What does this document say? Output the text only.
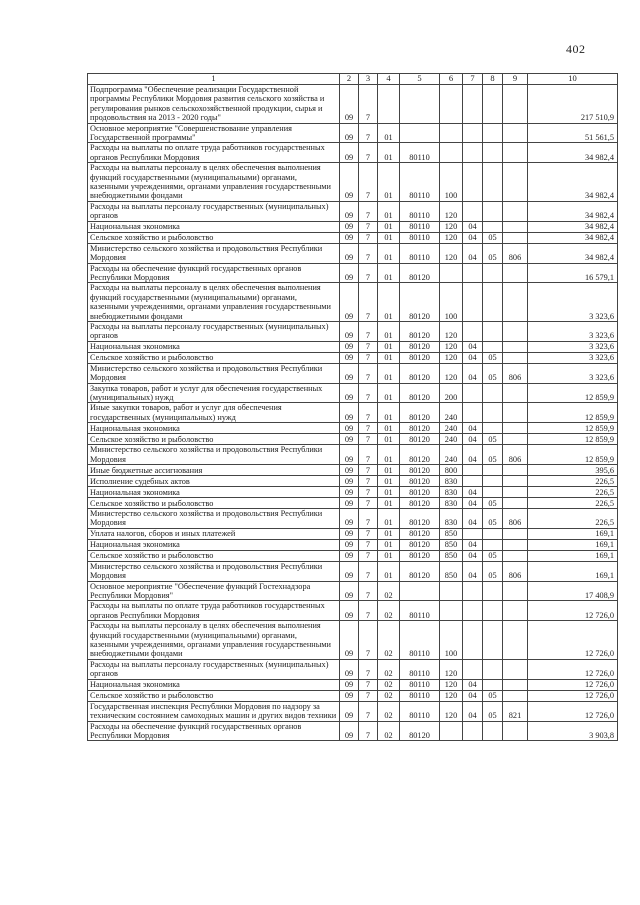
402
1	2	3	4	5	6	7	8	9	10
Подпрограмма "Обеспечение реализации Государственной программы Республики Мордовия развития сельского хозяйства и регулирования рынков сельскохозяйственной продукции, сырья и продовольствия на 2013 - 2020 годы"	09	7							217 510,9
Основное мероприятие "Совершенствование управления Государственной программы"	09	7	01						51 561,5
Расходы на выплаты по оплате труда работников государственных органов Республики Мордовия	09	7	01	80110					34 982,4
Расходы на выплаты персоналу в целях обеспечения выполнения функций государственными (муниципальными) органами, казенными учреждениями, органами управления государственными внебюджетными фондами	09	7	01	80110	100				34 982,4
Расходы на выплаты персоналу государственных (муниципальных) органов	09	7	01	80110	120				34 982,4
Национальная экономика	09	7	01	80110	120	04			34 982,4
Сельское хозяйство и рыболовство	09	7	01	80110	120	04	05		34 982,4
Министерство сельского хозяйства и продовольствия Республики Мордовия	09	7	01	80110	120	04	05	806	34 982,4
Расходы на обеспечение функций государственных органов Республики Мордовия	09	7	01	80120					16 579,1
Расходы на выплаты персоналу в целях обеспечения выполнения функций государственными (муниципальными) органами, казенными учреждениями, органами управления государственными внебюджетными фондами	09	7	01	80120	100				3 323,6
Расходы на выплаты персоналу государственных (муниципальных) органов	09	7	01	80120	120				3 323,6
Национальная экономика	09	7	01	80120	120	04			3 323,6
Сельское хозяйство и рыболовство	09	7	01	80120	120	04	05		3 323,6
Министерство сельского хозяйства и продовольствия Республики Мордовия	09	7	01	80120	120	04	05	806	3 323,6
Закупка товаров, работ и услуг для обеспечения государственных (муниципальных) нужд	09	7	01	80120	200				12 859,9
Иные закупки товаров, работ и услуг для обеспечения государственных (муниципальных) нужд	09	7	01	80120	240				12 859,9
Национальная экономика	09	7	01	80120	240	04			12 859,9
Сельское хозяйство и рыболовство	09	7	01	80120	240	04	05		12 859,9
Министерство сельского хозяйства и продовольствия Республики Мордовия	09	7	01	80120	240	04	05	806	12 859,9
Иные бюджетные ассигнования	09	7	01	80120	800				395,6
Исполнение судебных актов	09	7	01	80120	830				226,5
Национальная экономика	09	7	01	80120	830	04			226,5
Сельское хозяйство и рыболовство	09	7	01	80120	830	04	05		226,5
Министерство сельского хозяйства и продовольствия Республики Мордовия	09	7	01	80120	830	04	05	806	226,5
Уплата налогов, сборов и иных платежей	09	7	01	80120	850				169,1
Национальная экономика	09	7	01	80120	850	04			169,1
Сельское хозяйство и рыболовство	09	7	01	80120	850	04	05		169,1
Министерство сельского хозяйства и продовольствия Республики Мордовия	09	7	01	80120	850	04	05	806	169,1
Основное мероприятие "Обеспечение функций Гостехнадзора Республики Мордовия"	09	7	02						17 408,9
Расходы на выплаты по оплате труда работников государственных органов Республики Мордовия	09	7	02	80110					12 726,0
Расходы на выплаты персоналу в целях обеспечения выполнения функций государственными (муниципальными) органами, казенными учреждениями, органами управления государственными внебюджетными фондами	09	7	02	80110	100				12 726,0
Расходы на выплаты персоналу государственных (муниципальных) органов	09	7	02	80110	120				12 726,0
Национальная экономика	09	7	02	80110	120	04			12 726,0
Сельское хозяйство и рыболовство	09	7	02	80110	120	04	05		12 726,0
Государственная инспекция Республики Мордовия по надзору за техническим состоянием самоходных машин и других видов техники	09	7	02	80110	120	04	05	821	12 726,0
Расходы на обеспечение функций государственных органов Республики Мордовия	09	7	02	80120					3 903,8
